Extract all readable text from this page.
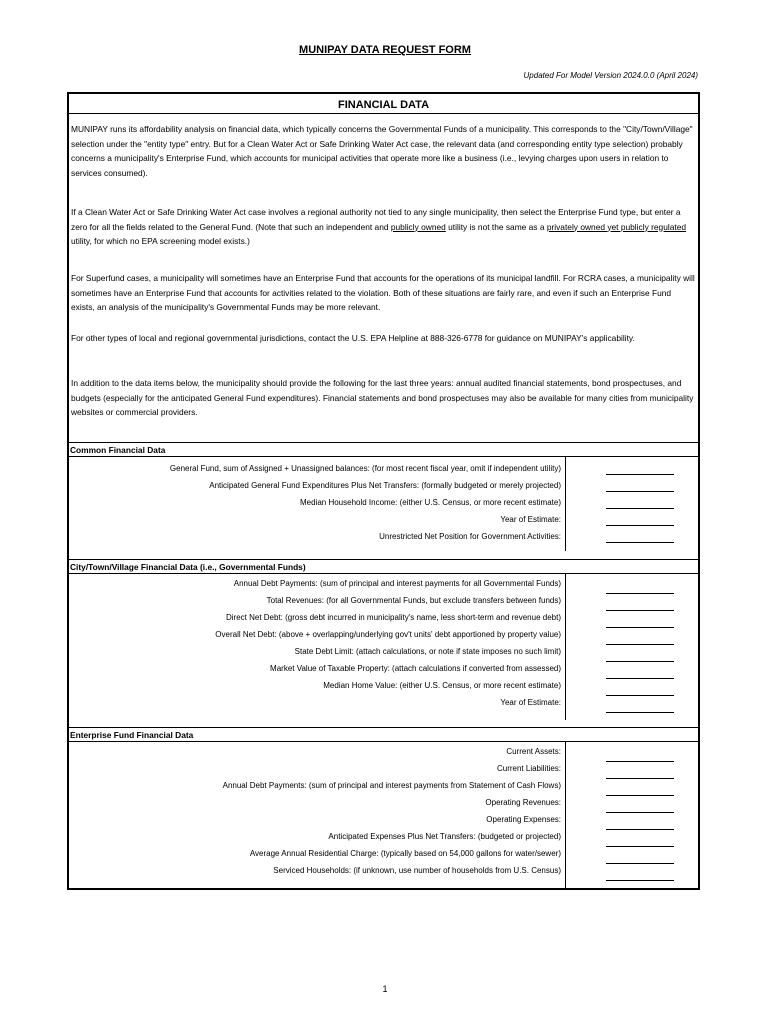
MUNIPAY DATA REQUEST FORM
Updated For Model Version 2024.0.0 (April 2024)
FINANCIAL DATA
MUNIPAY runs its affordability analysis on financial data, which typically concerns the Governmental Funds of a municipality. This corresponds to the "City/Town/Village" selection under the "entity type" entry. But for a Clean Water Act or Safe Drinking Water Act case, the relevant data (and corresponding entity type selection) probably concerns a municipality's Enterprise Fund, which accounts for municipal activities that operate more like a business (i.e., levying charges upon users in relation to services consumed).
If a Clean Water Act or Safe Drinking Water Act case involves a regional authority not tied to any single municipality, then select the Enterprise Fund type, but enter a zero for all the fields related to the General Fund. (Note that such an independent and publicly owned utility is not the same as a privately owned yet publicly regulated utility, for which no EPA screening model exists.)
For Superfund cases, a municipality will sometimes have an Enterprise Fund that accounts for the operations of its municipal landfill. For RCRA cases, a municipality will sometimes have an Enterprise Fund that accounts for activities related to the violation. Both of these situations are fairly rare, and even if such an Enterprise Fund exists, an analysis of the municipality's Governmental Funds may be more relevant.
For other types of local and regional governmental jurisdictions, contact the U.S. EPA Helpline at 888-326-6778 for guidance on MUNIPAY's applicability.
In addition to the data items below, the municipality should provide the following for the last three years: annual audited financial statements, bond prospectuses, and budgets (especially for the anticipated General Fund expenditures). Financial statements and bond prospectuses may also be available for many cities from municipality websites or commercial providers.
Common Financial Data
General Fund, sum of Assigned + Unassigned balances: (for most recent fiscal year, omit if independent utility)
Anticipated General Fund Expenditures Plus Net Transfers: (formally budgeted or merely projected)
Median Household Income: (either U.S. Census, or more recent estimate)
Year of Estimate:
Unrestricted Net Position for Government Activities:
City/Town/Village Financial Data (i.e., Governmental Funds)
Annual Debt Payments: (sum of principal and interest payments for all Governmental Funds)
Total Revenues: (for all Governmental Funds, but exclude transfers between funds)
Direct Net Debt: (gross debt incurred in municipality's name, less short-term and revenue debt)
Overall Net Debt: (above + overlapping/underlying gov't units' debt apportioned by property value)
State Debt Limit: (attach calculations, or note if state imposes no such limit)
Market Value of Taxable Property: (attach calculations if converted from assessed)
Median Home Value: (either U.S. Census, or more recent estimate)
Year of Estimate:
Enterprise Fund Financial Data
Current Assets:
Current Liabilities:
Annual Debt Payments: (sum of principal and interest payments from Statement of Cash Flows)
Operating Revenues:
Operating Expenses:
Anticipated Expenses Plus Net Transfers: (budgeted or projected)
Average Annual Residential Charge: (typically based on 54,000 gallons for water/sewer)
Serviced Households: (if unknown, use number of households from U.S. Census)
1
